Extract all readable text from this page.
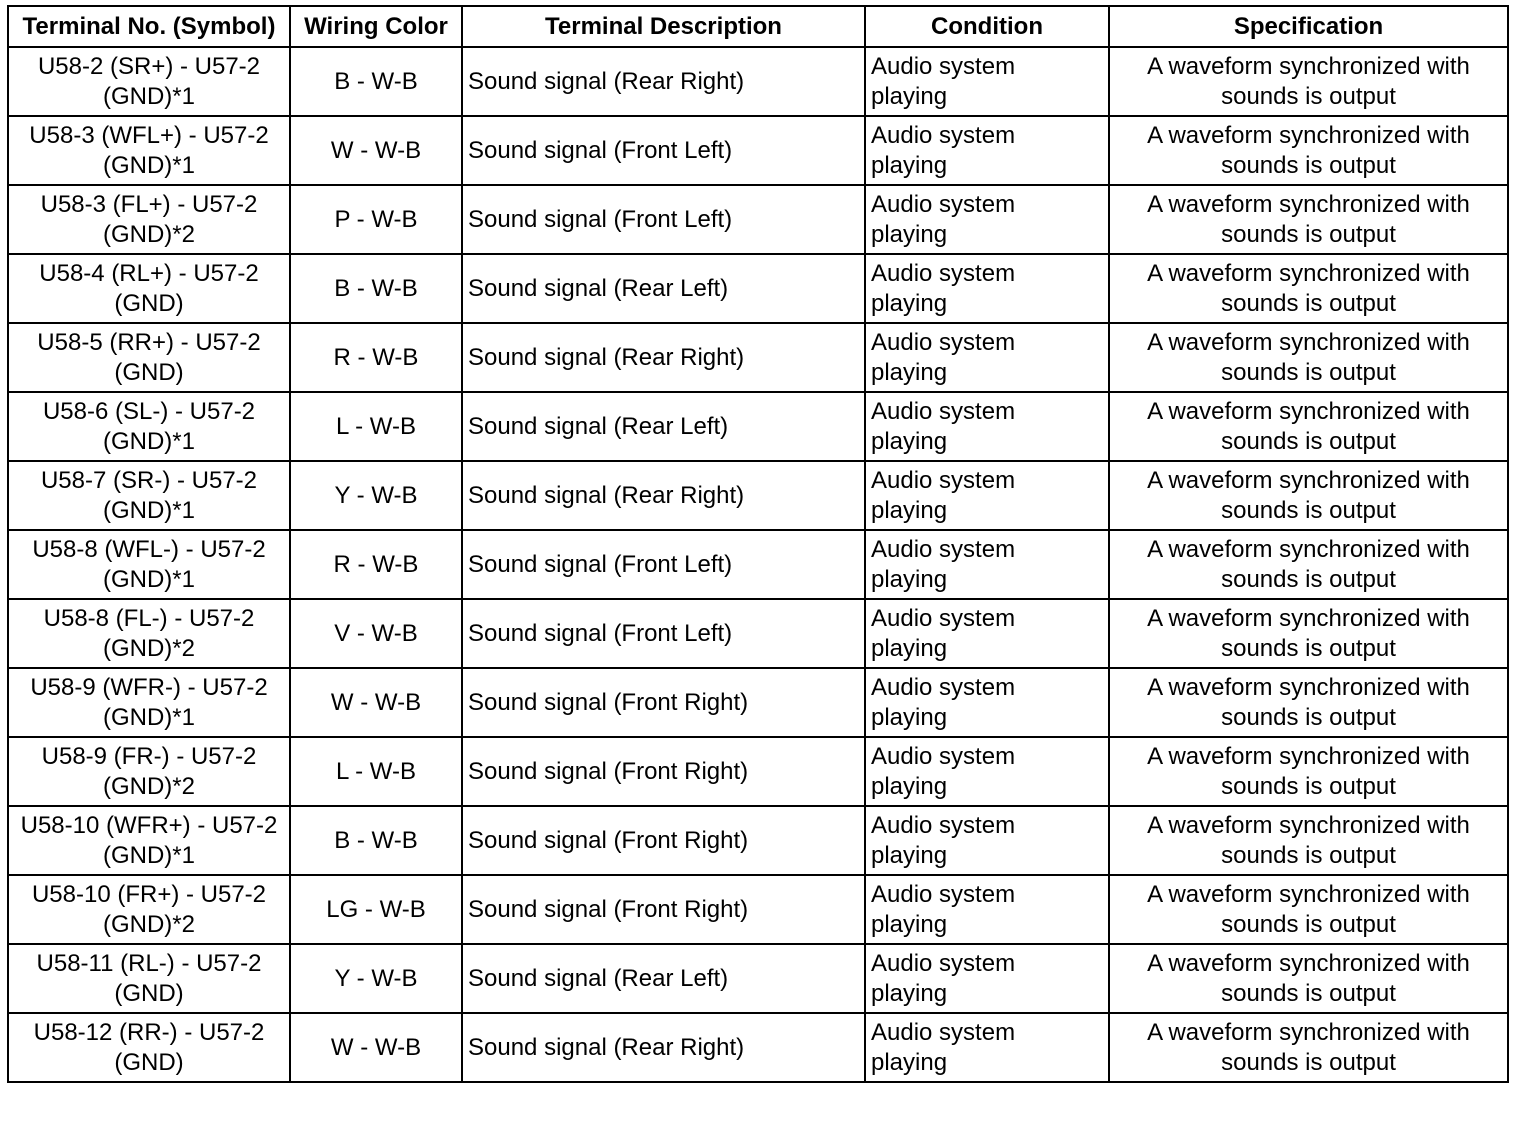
Terminal No. (Symbol)	Wiring Color	Terminal Description	Condition	Specification

U58-2 (SR+) - U57-2
(GND)*1	B - W-B	Sound signal (Rear Right)	Audio system
playing	A waveform synchronized with
sounds is output

U58-3 (WFL+) - U57-2
(GND)*1	W - W-B	Sound signal (Front Left)	Audio system
playing	A waveform synchronized with
sounds is output

U58-3 (FL+) - U57-2
(GND)*2	P - W-B	Sound signal (Front Left)	Audio system
playing	A waveform synchronized with
sounds is output

U58-4 (RL+) - U57-2
(GND)	B - W-B	Sound signal (Rear Left)	Audio system
playing	A waveform synchronized with
sounds is output

U58-5 (RR+) - U57-2
(GND)	R - W-B	Sound signal (Rear Right)	Audio system
playing	A waveform synchronized with
sounds is output

U58-6 (SL-) - U57-2
(GND)*1	L - W-B	Sound signal (Rear Left)	Audio system
playing	A waveform synchronized with
sounds is output

U58-7 (SR-) - U57-2
(GND)*1	Y - W-B	Sound signal (Rear Right)	Audio system
playing	A waveform synchronized with
sounds is output

U58-8 (WFL-) - U57-2
(GND)*1	R - W-B	Sound signal (Front Left)	Audio system
playing	A waveform synchronized with
sounds is output

U58-8 (FL-) - U57-2
(GND)*2	V - W-B	Sound signal (Front Left)	Audio system
playing	A waveform synchronized with
sounds is output

U58-9 (WFR-) - U57-2
(GND)*1	W - W-B	Sound signal (Front Right)	Audio system
playing	A waveform synchronized with
sounds is output

U58-9 (FR-) - U57-2
(GND)*2	L - W-B	Sound signal (Front Right)	Audio system
playing	A waveform synchronized with
sounds is output

U58-10 (WFR+) - U57-2
(GND)*1	B - W-B	Sound signal (Front Right)	Audio system
playing	A waveform synchronized with
sounds is output

U58-10 (FR+) - U57-2
(GND)*2	LG - W-B	Sound signal (Front Right)	Audio system
playing	A waveform synchronized with
sounds is output

U58-11 (RL-) - U57-2
(GND)	Y - W-B	Sound signal (Rear Left)	Audio system
playing	A waveform synchronized with
sounds is output

U58-12 (RR-) - U57-2
(GND)	W - W-B	Sound signal (Rear Right)	Audio system
playing	A waveform synchronized with
sounds is output
